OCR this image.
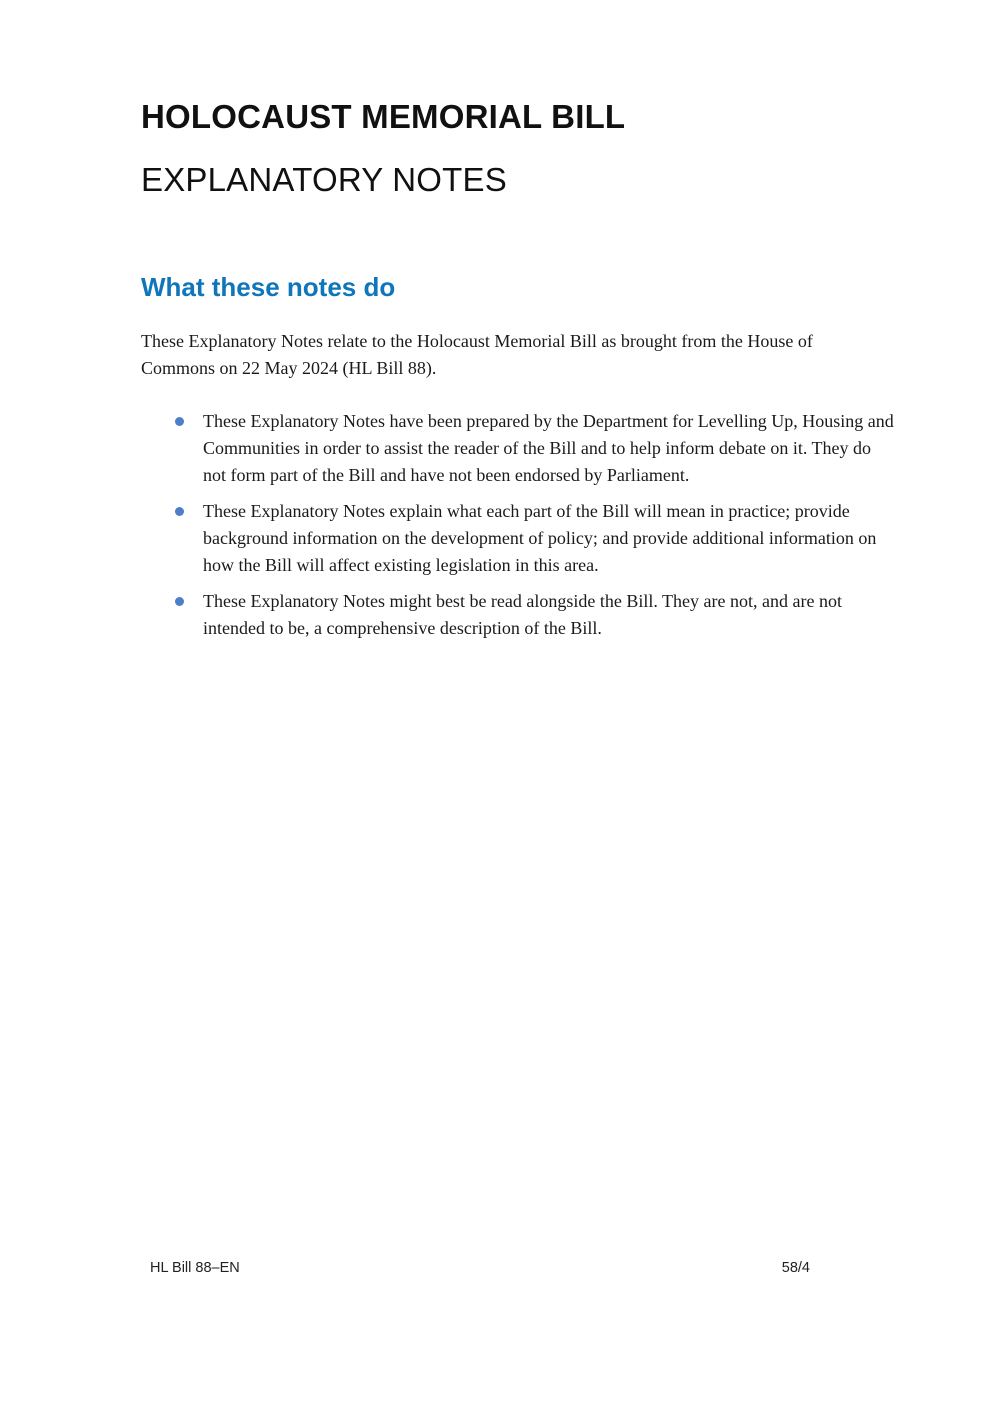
HOLOCAUST MEMORIAL BILL
EXPLANATORY NOTES
What these notes do

These Explanatory Notes relate to the Holocaust Memorial Bill as brought from the House of Commons on 22 May 2024 (HL Bill 88).

These Explanatory Notes have been prepared by the Department for Levelling Up, Housing and Communities in order to assist the reader of the Bill and to help inform debate on it. They do not form part of the Bill and have not been endorsed by Parliament.
These Explanatory Notes explain what each part of the Bill will mean in practice; provide background information on the development of policy; and provide additional information on how the Bill will affect existing legislation in this area.
These Explanatory Notes might best be read alongside the Bill. They are not, and are not intended to be, a comprehensive description of the Bill.
HL Bill 88–EN	58/4
